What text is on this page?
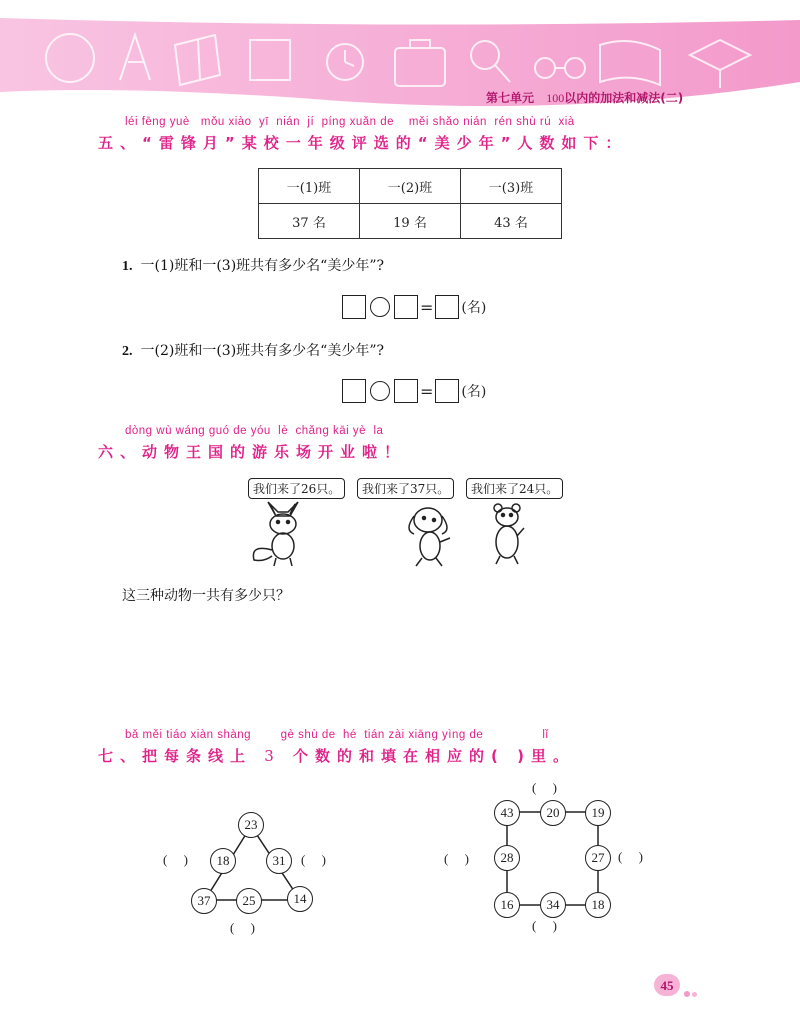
第七单元 100以内的加法和减法(二)
léi fēng yuè   mǒu xiào  yī  nián  jí  píng xuǎn de    měi shǎo nián  rén shù rú  xià
五、“雷锋月”某校一年级评选的“美少年”人数如下：
一(1)班	一(2)班	一(3)班
37 名	19 名	43 名
1. 一(1)班和一(3)班共有多少名“美少年”?
= (名)
2. 一(2)班和一(3)班共有多少名“美少年”?
= (名)
dòng wù wáng guó de yóu  lè  chǎng kāi yè  la
六、动物王国的游乐场开业啦！
我们来了26只。	我们来了37只。	我们来了24只。
这三种动物一共有多少只？
bǎ měi tiáo xiàn shàng        gè shù de  hé  tián zài xiāng yìng de                lǐ
七、把每条线上 3 个数的和填在相应的( )里。
23
18	31
37	25	14
(     )	(     )
(     )
43	20	19
28	27
16	34	18
(     )
(     )	(     )
(     )
45
